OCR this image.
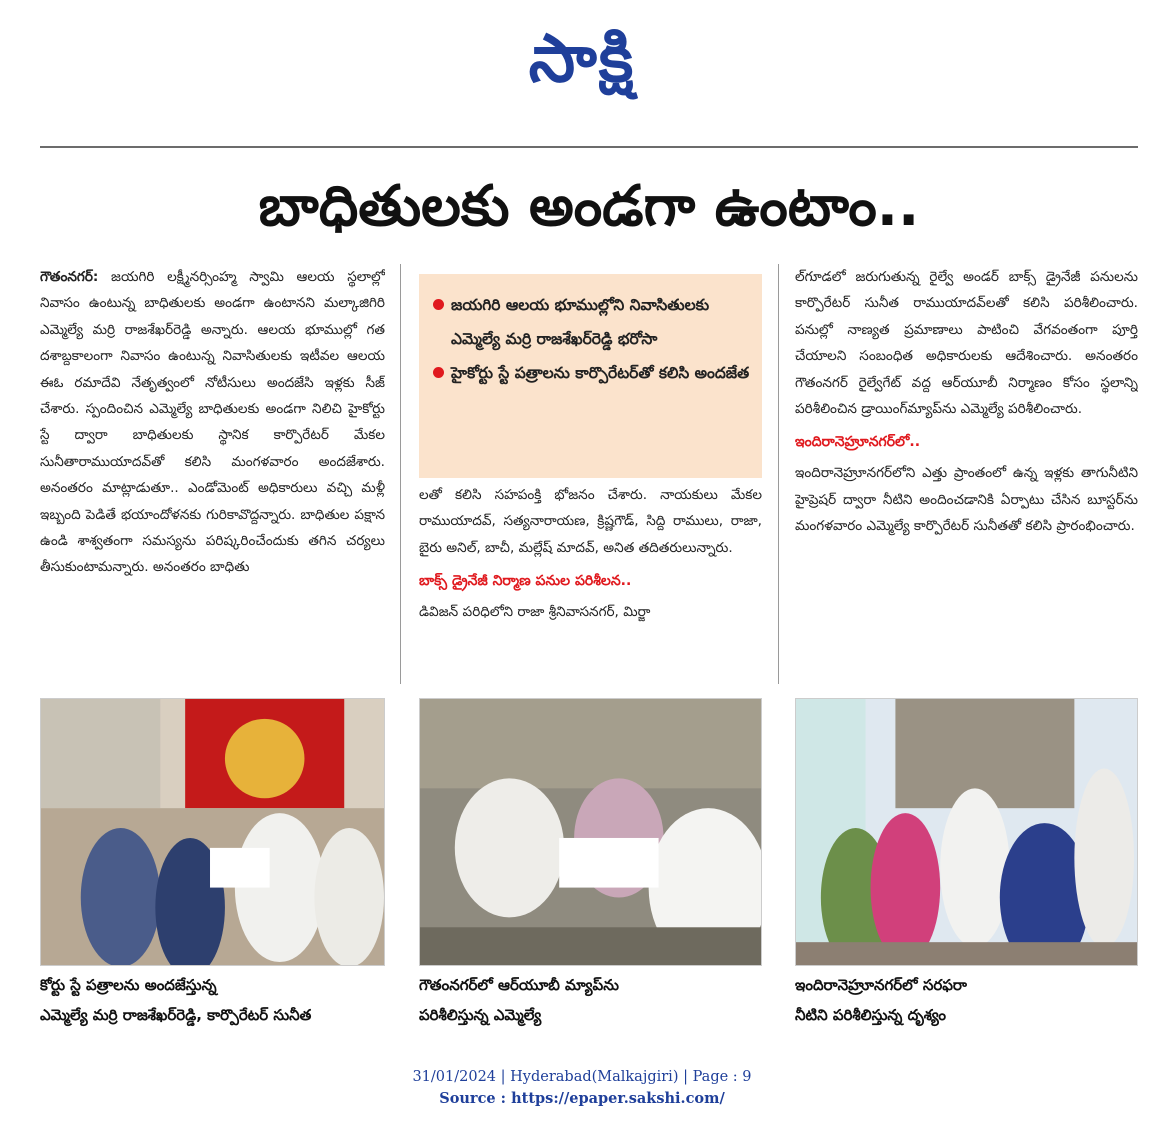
సాక్షి
బాధితులకు అండగా ఉంటాం..

గౌతంనగర్: జయగిరి లక్ష్మీనర్సింహ్మ స్వామి ఆలయ స్థలాల్లో నివాసం ఉంటున్న బాధితులకు అండగా ఉంటానని మల్కాజిగిరి ఎమ్మెల్యే మర్రి రాజశేఖర్‌రెడ్డి అన్నారు. ఆలయ భూముల్లో గత దశాబ్దకాలంగా నివాసం ఉంటున్న నివాసితులకు ఇటీవల ఆలయ ఈఓ రమాదేవి నేతృత్వంలో నోటీసులు అందజేసి ఇళ్లకు సీజ్ చేశారు. స్పందించిన ఎమ్మెల్యే బాధితులకు అండగా నిలిచి హైకోర్టు స్టే ద్వారా బాధితులకు స్థానిక కార్పొరేటర్ మేకల సునీతారాముయాదవ్‌తో కలిసి మంగళవారం అందజేశారు. అనంతరం మాట్లాడుతూ.. ఎండోమెంట్ అధికారులు వచ్చి మళ్లీ ఇబ్బంది పెడితే భయాందోళనకు గురికావొద్దన్నారు. బాధితుల పక్షాన ఉండి శాశ్వతంగా సమస్యను పరిష్కరించేందుకు తగిన చర్యలు తీసుకుంటామన్నారు. అనంతరం బాధితు

జయగిరి ఆలయ భూముల్లోని నివాసితులకు ఎమ్మెల్యే మర్రి రాజశేఖర్‌రెడ్డి భరోసా
హైకోర్టు స్టే పత్రాలను కార్పొరేటర్‌తో కలిసి అందజేత

లతో కలిసి సహపంక్తి భోజనం చేశారు. నాయకులు మేకల రాముయాదవ్, సత్యనారాయణ, క్రిష్ణగౌడ్, సిద్ది రాములు, రాజా, బైరు అనిల్, బాచీ, మల్లేష్ మాదవ్, అనిత తదితరులున్నారు.

బాక్స్ డ్రైనేజీ నిర్మాణ పనుల పరిశీలన..

డివిజన్ పరిధిలోని రాజా శ్రీనివాసనగర్, మిర్జా

ల్‌గూడలో జరుగుతున్న రైల్వే అండర్ బాక్స్ డ్రైనేజీ పనులను కార్పొరేటర్ సునీత రాముయాదవ్‌లతో కలిసి పరిశీలించారు. పనుల్లో నాణ్యత ప్రమాణాలు పాటించి వేగవంతంగా పూర్తి చేయాలని సంబంధిత అధికారులకు ఆదేశించారు. అనంతరం గౌతంనగర్ రైల్వేగేట్ వద్ద ఆర్‌యూబీ నిర్మాణం కోసం స్థలాన్ని పరిశీలించిన డ్రాయింగ్‌మ్యాప్‌ను ఎమ్మెల్యే పరిశీలించారు.

ఇందిరానెహ్రూనగర్‌లో..

ఇందిరానెహ్రూనగర్‌లోని ఎత్తు ప్రాంతంలో ఉన్న ఇళ్లకు తాగునీటిని హైప్రెషర్ ద్వారా నీటిని అందించడానికి ఏర్పాటు చేసిన బూస్టర్‌ను మంగళవారం ఎమ్మెల్యే కార్పొరేటర్ సునీతతో కలిసి ప్రారంభించారు.

కోర్టు స్టే పత్రాలను అందజేస్తున్న
ఎమ్మెల్యే మర్రి రాజశేఖర్‌రెడ్డి, కార్పొరేటర్ సునీత
గౌతంనగర్‌లో ఆర్‌యూబీ మ్యాప్‌ను
పరిశీలిస్తున్న ఎమ్మెల్యే
ఇందిరానెహ్రూనగర్‌లో సరఫరా
నీటిని పరిశీలిస్తున్న దృశ్యం
31/01/2024 | Hyderabad(Malkajgiri) | Page : 9
Source : https://epaper.sakshi.com/
